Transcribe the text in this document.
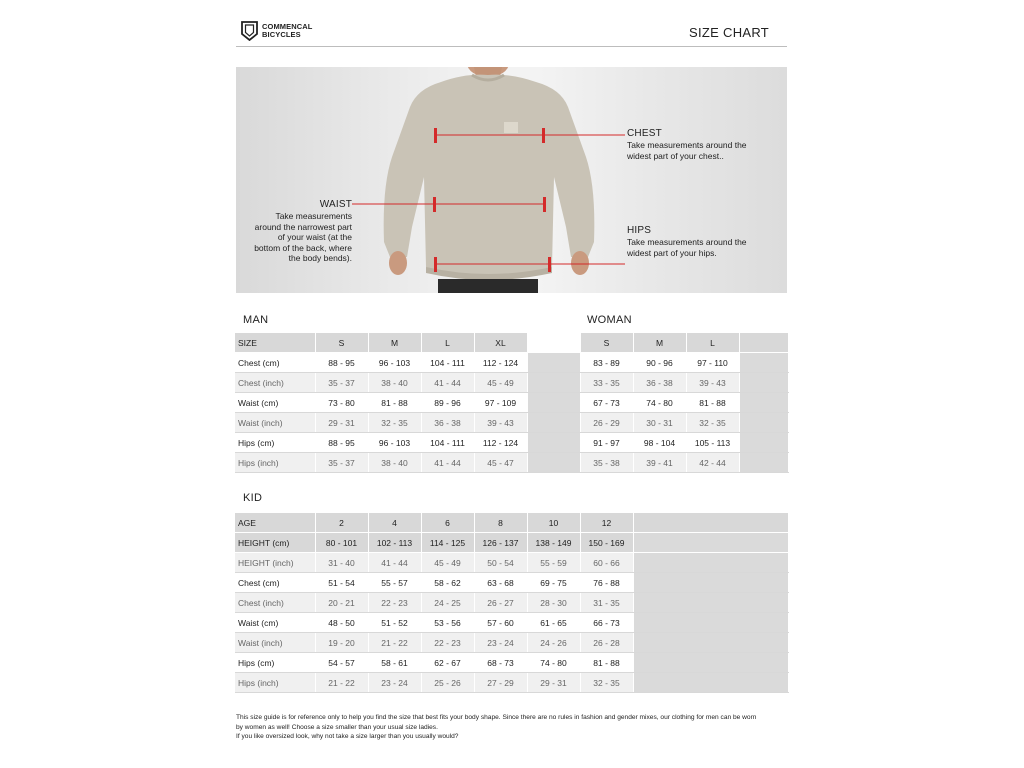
COMMENCAL
BICYCLES	SIZE CHART
CHEST
Take measurements around the
widest part of your chest..
WAIST
Take measurements
around the narrowest part
of your waist (at the
bottom of the back, where
the body bends).
HIPS
Take measurements around the
widest part of your hips.
MAN	WOMAN
SIZE	S	M	L	XL		S	M	L	
Chest (cm)	88 - 95	96 - 103	104 - 111	112 - 124		83 - 89	90 - 96	97 - 110	
Chest (inch)	35 - 37	38 - 40	41 - 44	45 - 49		33 - 35	36 - 38	39 - 43	
Waist (cm)	73 - 80	81 - 88	89 - 96	97 - 109		67 - 73	74 - 80	81 - 88	
Waist (inch)	29 - 31	32 - 35	36 - 38	39 - 43		26 - 29	30 - 31	32 - 35	
Hips (cm)	88 - 95	96 - 103	104 - 111	112 - 124		91 - 97	98 - 104	105 - 113	
Hips (inch)	35 - 37	38 - 40	41 - 44	45 - 47		35 - 38	39 - 41	42 - 44	
KID
AGE	2	4	6	8	10	12	
HEIGHT (cm)	80 - 101	102 - 113	114 - 125	126 - 137	138 - 149	150 - 169	
HEIGHT (inch)	31 - 40	41 - 44	45 - 49	50 - 54	55 - 59	60 - 66	
Chest (cm)	51 - 54	55 - 57	58 - 62	63 - 68	69 - 75	76 - 88	
Chest (inch)	20 - 21	22 - 23	24 - 25	26 - 27	28 - 30	31 - 35	
Waist (cm)	48 - 50	51 - 52	53 - 56	57 - 60	61 - 65	66 - 73	
Waist (inch)	19 - 20	21 - 22	22 - 23	23 - 24	24 - 26	26 - 28	
Hips (cm)	54 - 57	58 - 61	62 - 67	68 - 73	74 - 80	81 - 88	
Hips (inch)	21 - 22	23 - 24	25 - 26	27 - 29	29 - 31	32 - 35	
This size guide is for reference only to help you find the size that best fits your body shape. Since there are no rules in fashion and gender mixes, our clothing for men can be worn
by women as well! Choose a size smaller than your usual size ladies.
If you like oversized look, why not take a size larger than you usually would?
